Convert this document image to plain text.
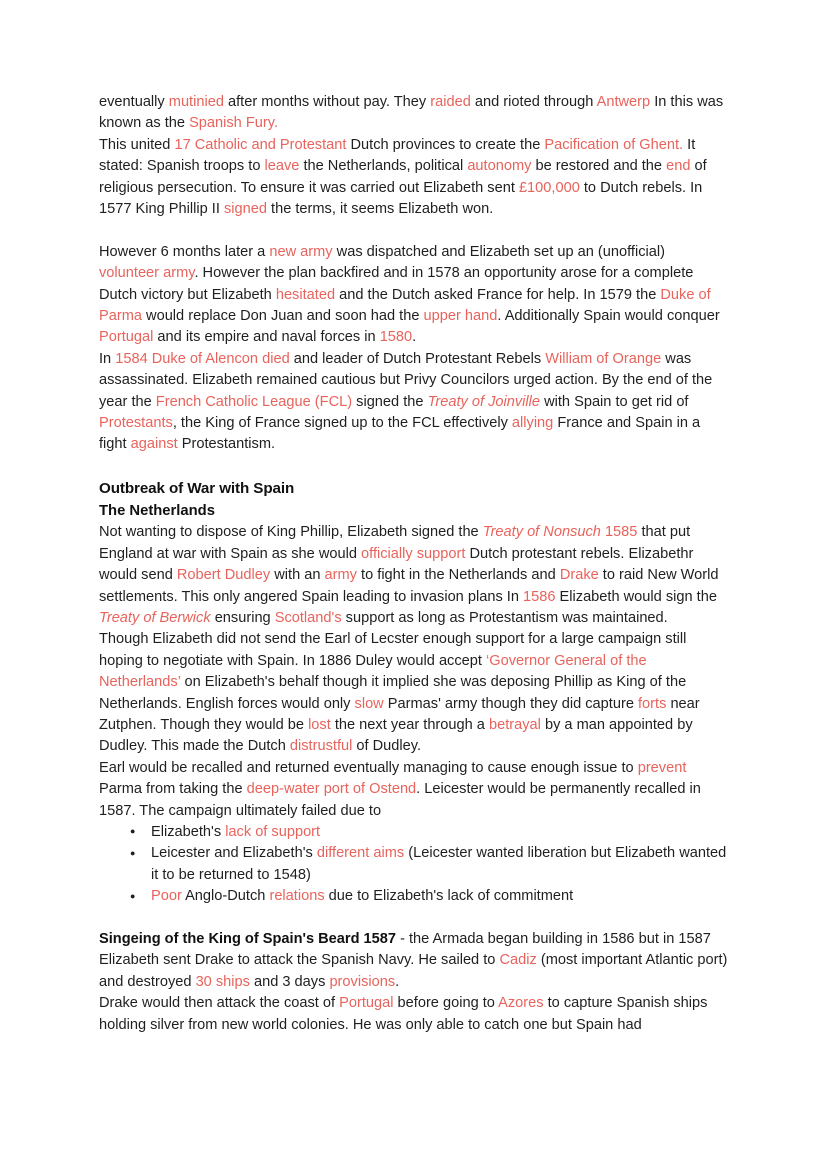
eventually mutinied after months without pay. They raided and rioted through Antwerp In this was known as the Spanish Fury.

This united 17 Catholic and Protestant Dutch provinces to create the Pacification of Ghent. It stated: Spanish troops to leave the Netherlands, political autonomy be restored and the end of religious persecution. To ensure it was carried out Elizabeth sent £100,000 to Dutch rebels. In 1577 King Phillip II signed the terms, it seems Elizabeth won.

However 6 months later a new army was dispatched and Elizabeth set up an (unofficial) volunteer army. However the plan backfired and in 1578 an opportunity arose for a complete Dutch victory but Elizabeth hesitated and the Dutch asked France for help. In 1579 the Duke of Parma would replace Don Juan and soon had the upper hand. Additionally Spain would conquer Portugal and its empire and naval forces in 1580.

In 1584 Duke of Alencon died and leader of Dutch Protestant Rebels William of Orange was assassinated. Elizabeth remained cautious but Privy Councilors urged action. By the end of the year the French Catholic League (FCL) signed the Treaty of Joinville with Spain to get rid of Protestants, the King of France signed up to the FCL effectively allying France and Spain in a fight against Protestantism.

Outbreak of War with Spain
The Netherlands

Not wanting to dispose of King Phillip, Elizabeth signed the Treaty of Nonsuch 1585 that put England at war with Spain as she would officially support Dutch protestant rebels. Elizabethr would send Robert Dudley with an army to fight in the Netherlands and Drake to raid New World settlements. This only angered Spain leading to invasion plans In 1586 Elizabeth would sign the Treaty of Berwick ensuring Scotland's support as long as Protestantism was maintained.

Though Elizabeth did not send the Earl of Lecster enough support for a large campaign still hoping to negotiate with Spain. In 1886 Duley would accept ‘Governor General of the Netherlands’ on Elizabeth's behalf though it implied she was deposing Phillip as King of the Netherlands. English forces would only slow Parmas' army though they did capture forts near Zutphen. Though they would be lost the next year through a betrayal by a man appointed by Dudley. This made the Dutch distrustful of Dudley.

Earl would be recalled and returned eventually managing to cause enough issue to prevent Parma from taking the deep-water port of Ostend. Leicester would be permanently recalled in 1587. The campaign ultimately failed due to

● Elizabeth's lack of support
● Leicester and Elizabeth's different aims (Leicester wanted liberation but Elizabeth wanted it to be returned to 1548)
● Poor Anglo-Dutch relations due to Elizabeth's lack of commitment

Singeing of the King of Spain's Beard 1587 - the Armada began building in 1586 but in 1587 Elizabeth sent Drake to attack the Spanish Navy. He sailed to Cadiz (most important Atlantic port) and destroyed 30 ships and 3 days provisions.

Drake would then attack the coast of Portugal before going to Azores to capture Spanish ships holding silver from new world colonies. He was only able to catch one but Spain had
